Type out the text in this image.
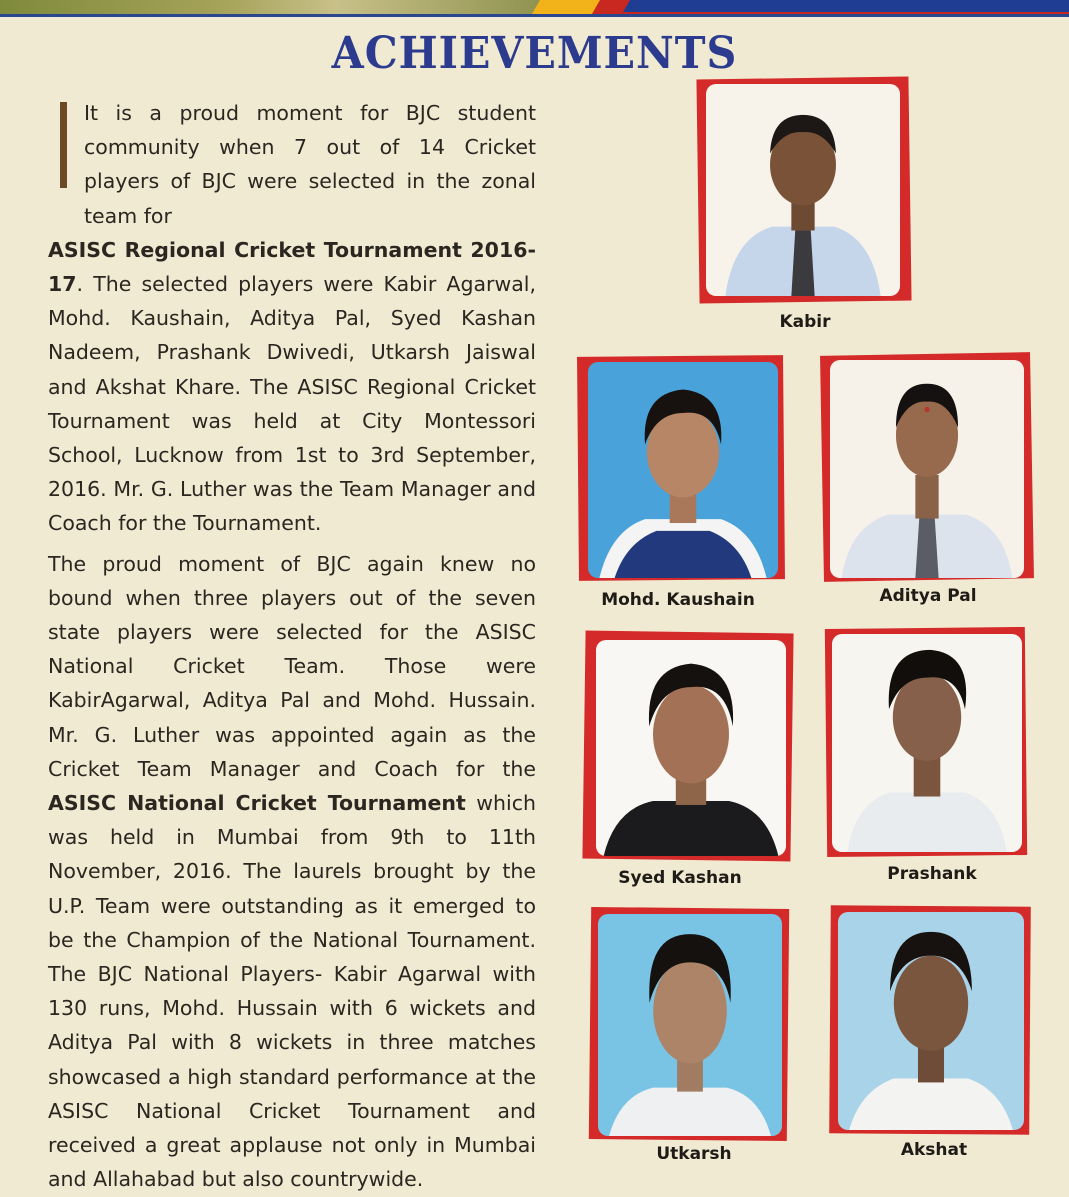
ACHIEVEMENTS

It is a proud moment for BJC student community when 7 out of 14 Cricket players of BJC were selected in the zonal team for
ASISC Regional Cricket Tournament 2016-17. The selected players were Kabir Agarwal, Mohd. Kaushain, Aditya Pal, Syed Kashan Nadeem, Prashank Dwivedi, Utkarsh Jaiswal and Akshat Khare. The ASISC Regional Cricket Tournament was held at City Montessori School, Lucknow from 1st to 3rd September, 2016. Mr. G. Luther was the Team Manager and Coach for the Tournament.

The proud moment of BJC again knew no bound when three players out of the seven state players were selected for the ASISC National Cricket Team. Those were KabirAgarwal, Aditya Pal and Mohd. Hussain. Mr. G. Luther was appointed again as the Cricket Team Manager and Coach for the ASISC National Cricket Tournament which was held in Mumbai from 9th to 11th November, 2016. The laurels brought by the U.P. Team were outstanding as it emerged to be the Champion of the National Tournament. The BJC National Players- Kabir Agarwal with 130 runs, Mohd. Hussain with 6 wickets and Aditya Pal with 8 wickets in three matches showcased a high standard performance at the ASISC National Cricket Tournament and received a great applause not only in Mumbai and Allahabad but also countrywide.

Kabir
Mohd. Kaushain	Aditya Pal
Syed Kashan	Prashank
Utkarsh	Akshat
